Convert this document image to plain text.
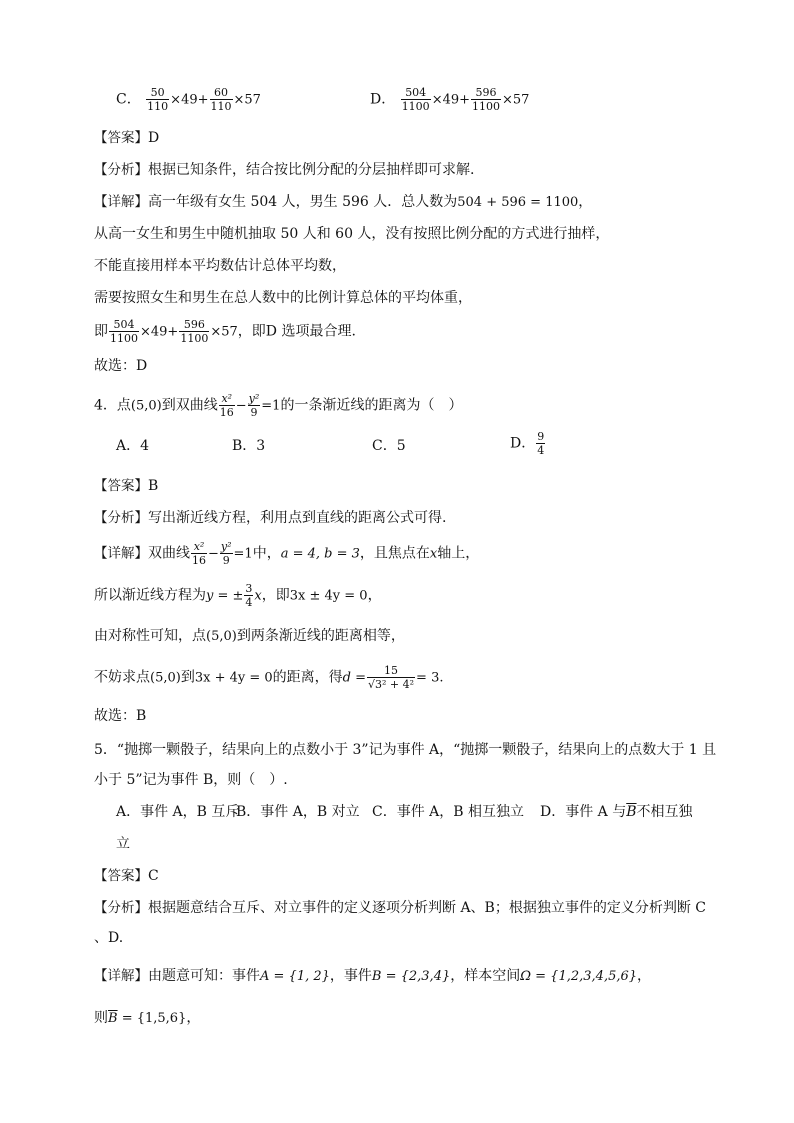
C． $\frac{50}{110} \times 49+ \frac{60}{110} \times 57$	D． $\frac{504}{1100} \times 49+ \frac{596}{1100} \times 57$
【答案】D
【分析】根据已知条件，结合按比例分配的分层抽样即可求解.
【详解】高一年级有女生 504 人，男生 596 人．总人数为504 + 596 = 1100，
从高一女生和男生中随机抽取 50 人和 60 人，没有按照比例分配的方式进行抽样，
不能直接用样本平均数估计总体平均数，
需要按照女生和男生在总人数中的比例计算总体的平均体重，
即 $\frac{504}{1100} \times 49+ \frac{596}{1100} \times 57$，即D 选项最合理.
故选：D
4．点(5,0)到双曲线 $\frac{\text{x²}}{16} - \frac{\text{y²}}{9} =1$的一条渐近线的距离为（　）
A．4	B．3	C．5	D． $\frac{9}{4}$
【答案】B
【分析】写出渐近线方程，利用点到直线的距离公式可得.
【详解】双曲线 $\frac{\text{x²}}{16} - \frac{\text{y²}}{9} =1$中，a = 4, b = 3，且焦点在x轴上，
所以渐近线方程为y = ± $\frac{3}{4}$ x，即3x ± 4y = 0，
由对称性可知，点(5,0)到两条渐近线的距离相等，
不妨求点(5,0)到3x + 4y = 0的距离，得$d = \frac{15}{\text{√3² + 4²}} = 3$.
故选：B
5．“抛掷一颗骰子，结果向上的点数小于 3”记为事件 A，“抛掷一颗骰子，结果向上的点数大于 1 且
小于 5”记为事件 B，则（　）.
A．事件 A，B 互斥
B．事件 A，B 对立 C．事件 A，B 相互独立 D．事件 A 与$\overline{B}$不相互独
立
【答案】C
【分析】根据题意结合互斥、对立事件的定义逐项分析判断 A、B；根据独立事件的定义分析判断 C
、D.
【详解】由题意可知：事件A = {1, 2}，事件B = {2,3,4}，样本空间Ω = {1,2,3,4,5,6}，
则$\overline{B} = \{1,5,6\}$，
